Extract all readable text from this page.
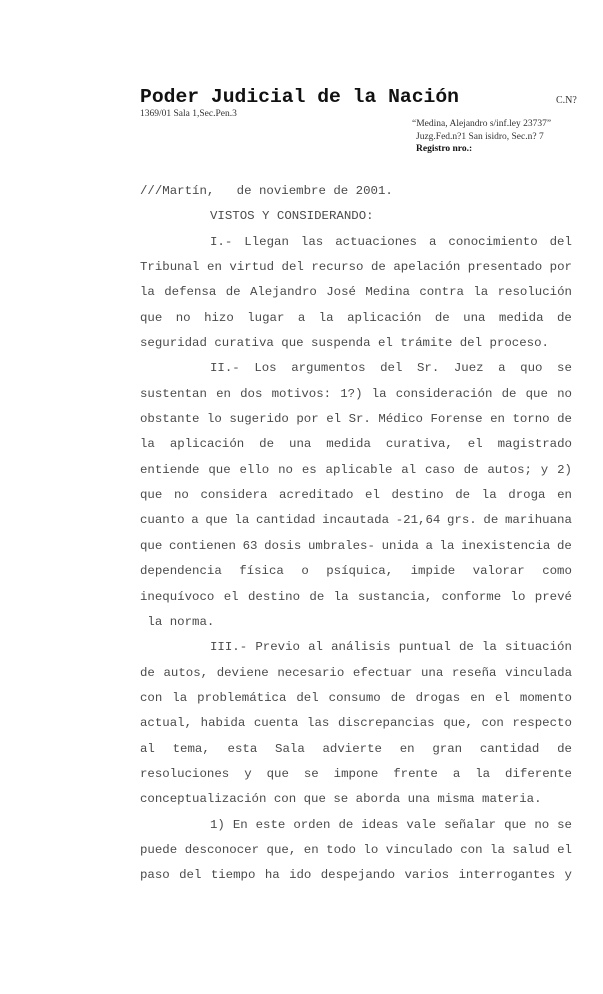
Poder Judicial de la Nación	C.N?
1369/01 Sala 1,Sec.Pen.3
“Medina, Alejandro s/inf.ley 23737”
Juzg.Fed.n?1 San isidro, Sec.n? 7
Registro nro.:
///Martín,   de noviembre de 2001.
VISTOS Y CONSIDERANDO:
I.- Llegan las actuaciones a conocimiento del
Tribunal en virtud del recurso de apelación presentado por
la defensa de Alejandro José Medina contra la resolución
que no hizo lugar a la aplicación de una medida de
seguridad curativa que suspenda el trámite del proceso.
II.- Los argumentos del Sr. Juez a quo se
sustentan en dos motivos: 1?) la consideración de que no
obstante lo sugerido por el Sr. Médico Forense en torno de
la aplicación de una medida curativa, el magistrado
entiende que ello no es aplicable al caso de autos; y 2)
que no considera acreditado el destino de la droga en
cuanto a que la cantidad incautada -21,64 grs. de marihuana
que contienen 63 dosis umbrales- unida a la inexistencia de
dependencia física o psíquica, impide valorar como
inequívoco el destino de la sustancia, conforme lo prevé
la norma.
III.- Previo al análisis puntual de la situación
de autos, deviene necesario efectuar una reseña vinculada
con la problemática del consumo de drogas en el momento
actual, habida cuenta las discrepancias que, con respecto
al tema, esta Sala advierte en gran cantidad de
resoluciones y que se impone frente a la diferente
conceptualización con que se aborda una misma materia.
1) En este orden de ideas vale señalar que no se
puede desconocer que, en todo lo vinculado con la salud el
paso del tiempo ha ido despejando varios interrogantes y
